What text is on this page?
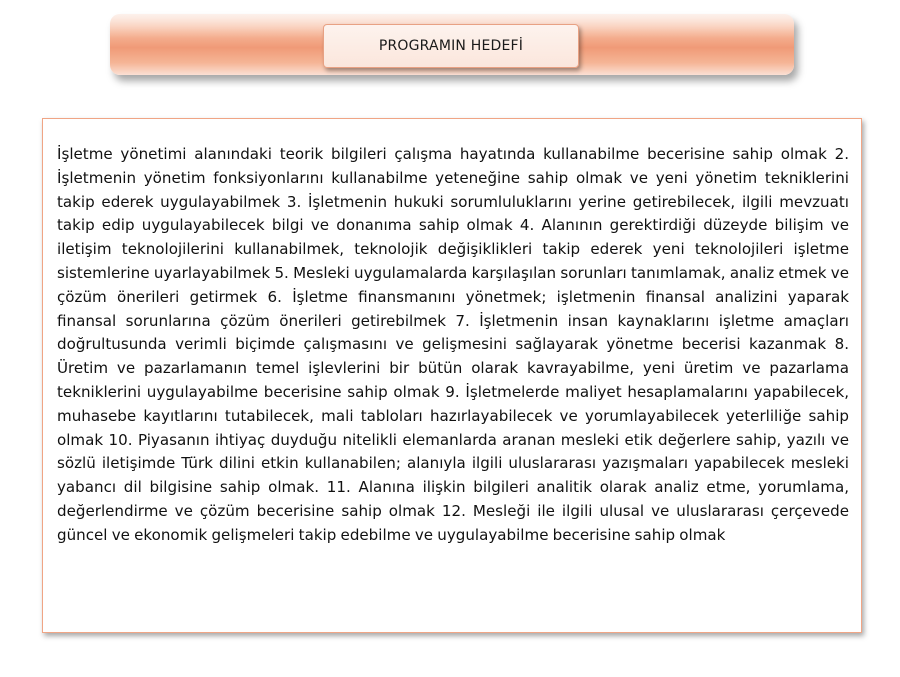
PROGRAMIN HEDEFİ

İşletme yönetimi alanındaki teorik bilgileri çalışma hayatında kullanabilme becerisine sahip olmak 2. İşletmenin yönetim fonksiyonlarını kullanabilme yeteneğine sahip olmak ve yeni yönetim tekniklerini takip ederek uygulayabilmek 3. İşletmenin hukuki sorumluluklarını yerine getirebilecek, ilgili mevzuatı takip edip uygulayabilecek bilgi ve donanıma sahip olmak 4. Alanının gerektirdiği düzeyde bilişim ve iletişim teknolojilerini kullanabilmek, teknolojik değişiklikleri takip ederek yeni teknolojileri işletme sistemlerine uyarlayabilmek 5. Mesleki uygulamalarda karşılaşılan sorunları tanımlamak, analiz etmek ve çözüm önerileri getirmek 6. İşletme finansmanını yönetmek; işletmenin finansal analizini yaparak finansal sorunlarına çözüm önerileri getirebilmek 7. İşletmenin insan kaynaklarını işletme amaçları doğrultusunda verimli biçimde çalışmasını ve gelişmesini sağlayarak yönetme becerisi kazanmak 8. Üretim ve pazarlamanın temel işlevlerini bir bütün olarak kavrayabilme, yeni üretim ve pazarlama tekniklerini uygulayabilme becerisine sahip olmak 9. İşletmelerde maliyet hesaplamalarını yapabilecek, muhasebe kayıtlarını tutabilecek, mali tabloları hazırlayabilecek ve yorumlayabilecek yeterliliğe sahip olmak 10. Piyasanın ihtiyaç duyduğu nitelikli elemanlarda aranan mesleki etik değerlere sahip, yazılı ve sözlü iletişimde Türk dilini etkin kullanabilen; alanıyla ilgili uluslararası yazışmaları yapabilecek mesleki yabancı dil bilgisine sahip olmak. 11. Alanına ilişkin bilgileri analitik olarak analiz etme, yorumlama, değerlendirme ve çözüm becerisine sahip olmak 12. Mesleği ile ilgili ulusal ve uluslararası çerçevede güncel ve ekonomik gelişmeleri takip edebilme ve uygulayabilme becerisine sahip olmak
